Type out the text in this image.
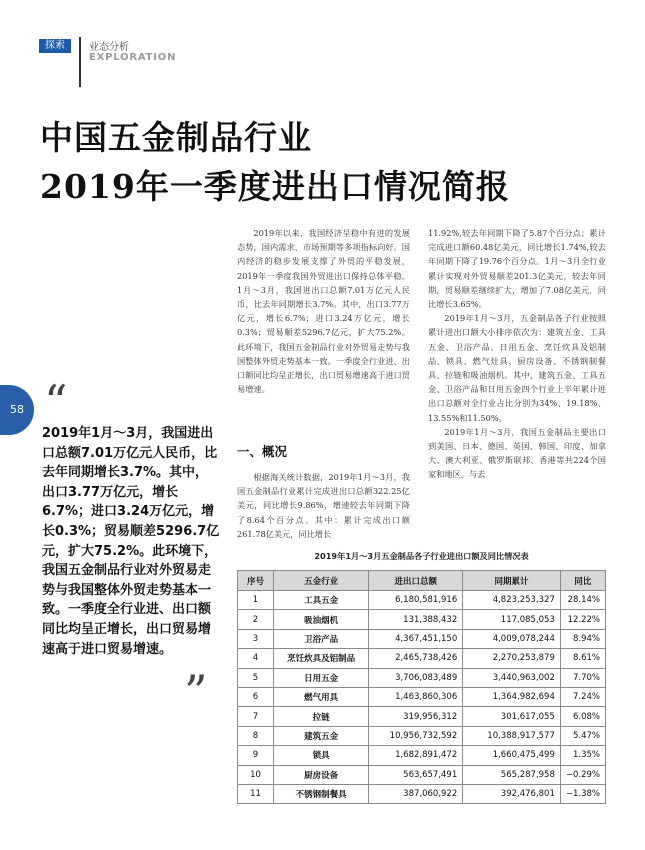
探索	业态分析
EXPLORATION
中国五金制品行业
2019年一季度进出口情况简报
58 “
2019年1月～3月，我国进出口总额7.01万亿元人民币，比去年同期增长3.7%。其中，出口3.77万亿元，增长6.7%；进口3.24万亿元，增长0.3%；贸易顺差5296.7亿元，扩大75.2%。此环境下，我国五金制品行业对外贸易走势与我国整体外贸走势基本一致。一季度全行业进、出口额同比均呈正增长，出口贸易增速高于进口贸易增速。
”

2019年以来，我国经济呈稳中有进的发展态势，国内需求、市场预期等多项指标向好。国内经济的稳步发展支撑了外贸的平稳发展，2019年一季度我国外贸进出口保持总体平稳。1月～3月，我国进出口总额7.01万亿元人民币，比去年同期增长3.7%。其中，出口3.77万亿元，增长6.7%；进口3.24万亿元，增长0.3%；贸易顺差5296.7亿元，扩大75.2%。此环境下，我国五金制品行业对外贸易走势与我国整体外贸走势基本一致。一季度全行业进、出口额同比均呈正增长，出口贸易增速高于进口贸易增速。

一、概况

根据海关统计数据，2019年1月～3月，我国五金制品行业累计完成进出口总额322.25亿美元，同比增长9.86%，增速较去年同期下降了8.64个百分点。其中：累计完成出口额261.78亿美元，同比增长

11.92%,较去年同期下降了5.87个百分点；累计完成进口额60.48亿美元，同比增长1.74%,较去年同期下降了19.76个百分点。1月～3月全行业累计实现对外贸易顺差201.3亿美元，较去年同期，贸易顺差继续扩大，增加了7.08亿美元，同比增长3.65%。

2019年1月～3月，五金制品各子行业按照累计进出口额大小排序依次为：建筑五金、工具五金、卫浴产品、日用五金、烹饪炊具及铝制品、锁具、燃气灶具、厨房设备、不锈钢制餐具、拉链和吸油烟机。其中，建筑五金、工具五金、卫浴产品和日用五金四个行业上半年累计进出口总额对全行业占比分别为34%、19.18%、13.55%和11.50%。

2019年1月～3月，我国五金制品主要出口到美国、日本、德国、英国、韩国、印度、加拿大、澳大利亚、俄罗斯联邦、香港等共224个国家和地区。与去

2019年1月～3月五金制品各子行业进出口额及同比情况表
序号	五金行业	进出口总额	同期累计	同比
1	工具五金	6,180,581,916	4,823,253,327	28.14%
2	吸油烟机	131,388,432	117,085,053	12.22%
3	卫浴产品	4,367,451,150	4,009,078,244	8.94%
4	烹饪炊具及铝制品	2,465,738,426	2,270,253,879	8.61%
5	日用五金	3,706,083,489	3,440,963,002	7.70%
6	燃气用具	1,463,860,306	1,364,982,694	7.24%
7	拉链	319,956,312	301,617,055	6.08%
8	建筑五金	10,956,732,592	10,388,917,577	5.47%
9	锁具	1,682,891,472	1,660,475,499	1.35%
10	厨房设备	563,657,491	565,287,958	−0.29%
11	不锈钢制餐具	387,060,922	392,476,801	−1.38%
